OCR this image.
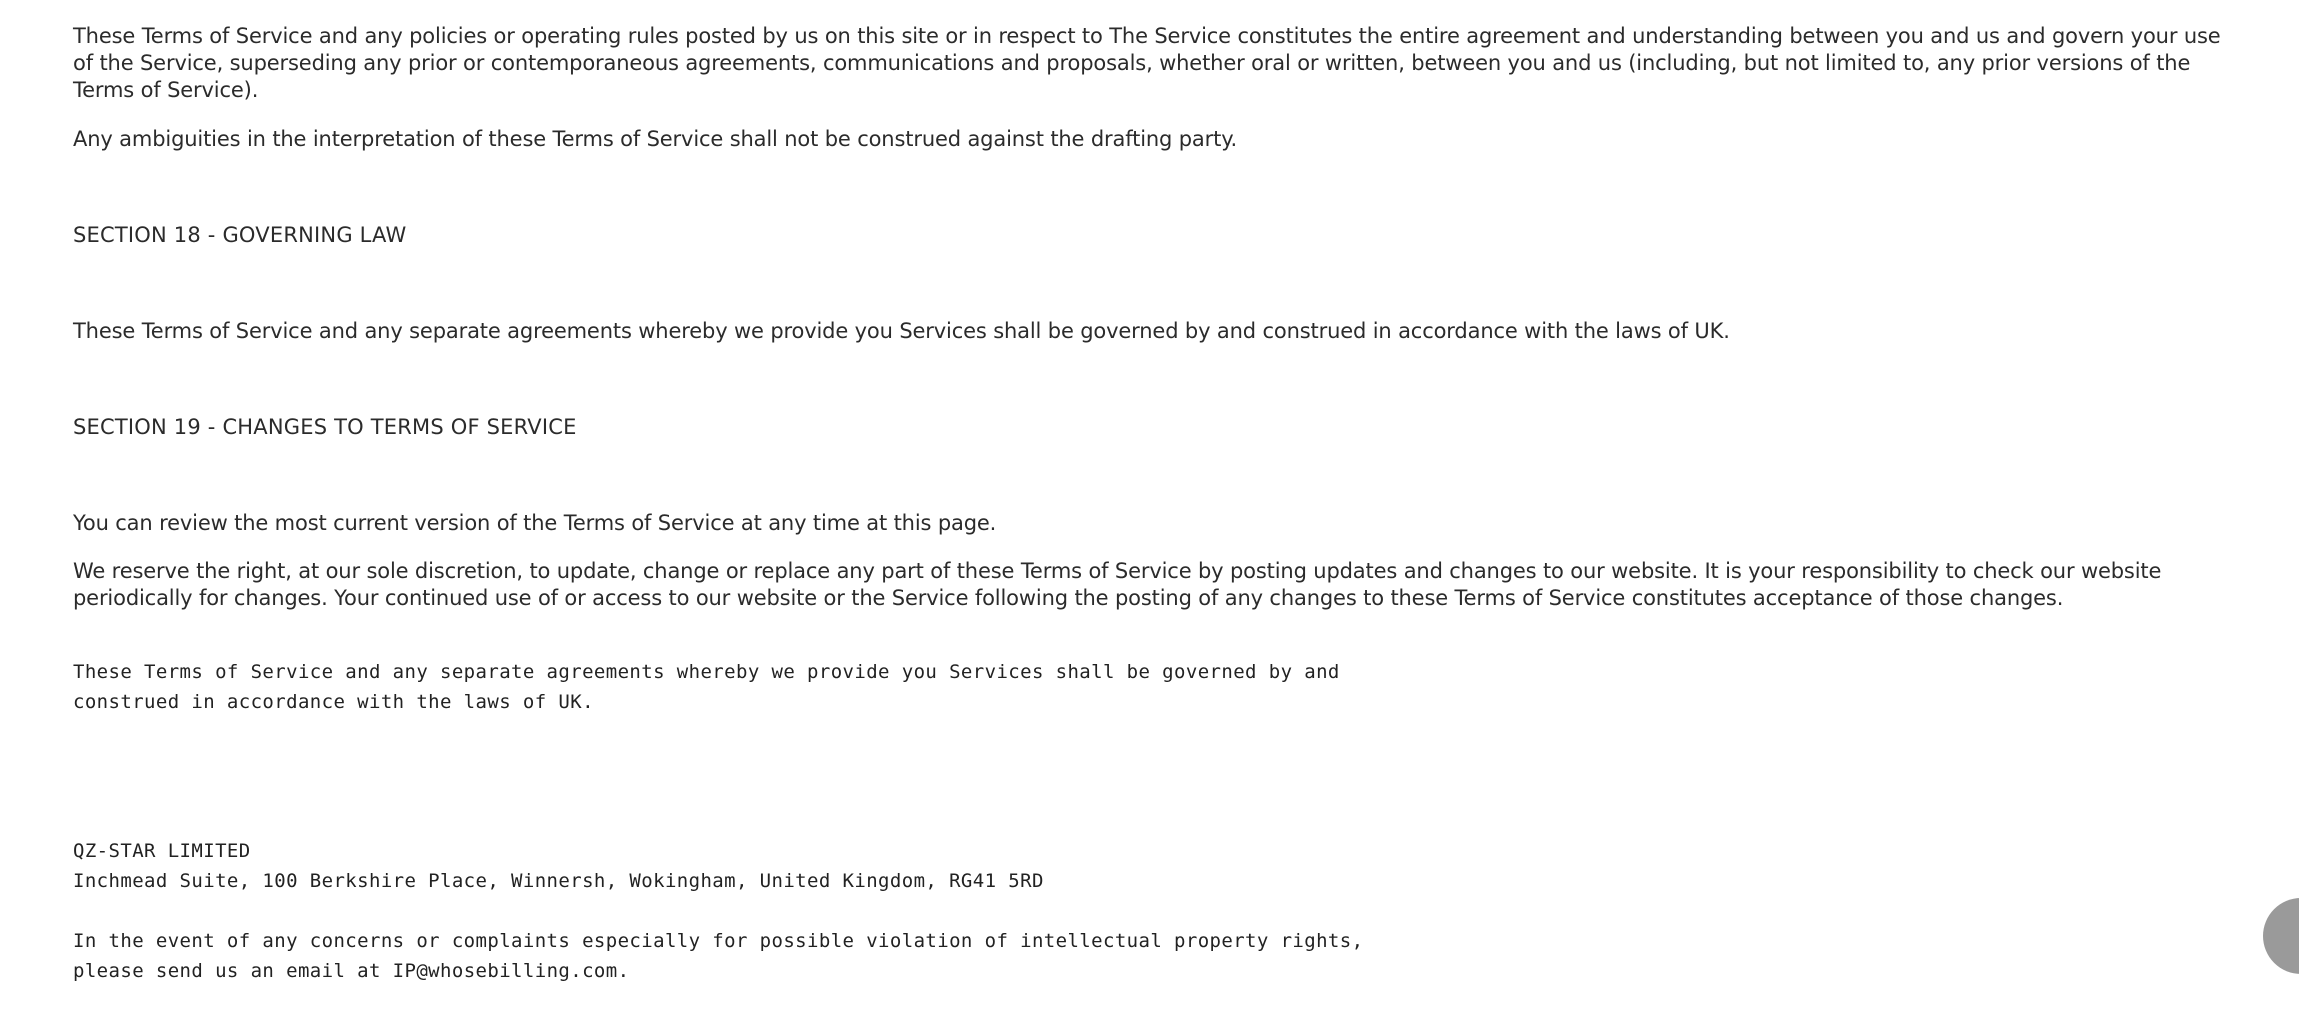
These Terms of Service and any policies or operating rules posted by us on this site or in respect to The Service constitutes the entire agreement and understanding between you and us and govern your use of the Service, superseding any prior or contemporaneous agreements, communications and proposals, whether oral or written, between you and us (including, but not limited to, any prior versions of the Terms of Service).

Any ambiguities in the interpretation of these Terms of Service shall not be construed against the drafting party.

SECTION 18 - GOVERNING LAW

These Terms of Service and any separate agreements whereby we provide you Services shall be governed by and construed in accordance with the laws of UK.

SECTION 19 - CHANGES TO TERMS OF SERVICE

You can review the most current version of the Terms of Service at any time at this page.

We reserve the right, at our sole discretion, to update, change or replace any part of these Terms of Service by posting updates and changes to our website. It is your responsibility to check our website periodically for changes. Your continued use of or access to our website or the Service following the posting of any changes to these Terms of Service constitutes acceptance of those changes.

These Terms of Service and any separate agreements whereby we provide you Services shall be governed by and
construed in accordance with the laws of UK.
QZ-STAR LIMITED
Inchmead Suite, 100 Berkshire Place, Winnersh, Wokingham, United Kingdom, RG41 5RD
In the event of any concerns or complaints especially for possible violation of intellectual property rights,
please send us an email at IP@whosebilling.com.
